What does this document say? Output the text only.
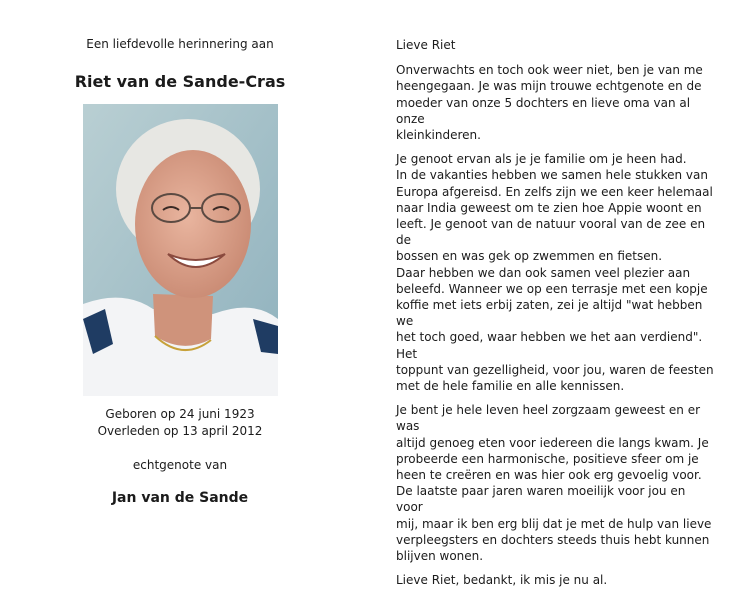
Een liefdevolle herinnering aan

Riet van de Sande-Cras

Geboren op 24 juni 1923
Overleden op 13 april 2012
echtgenote van
Jan van de Sande

Lieve Riet

Onverwachts en toch ook weer niet, ben je van me
heengegaan. Je was mijn trouwe echtgenote en de
moeder van onze 5 dochters en lieve oma van al onze
kleinkinderen.

Je genoot ervan als je je familie om je heen had.
In de vakanties hebben we samen hele stukken van
Europa afgereisd. En zelfs zijn we een keer helemaal
naar India geweest om te zien hoe Appie woont en
leeft. Je genoot van de natuur vooral van de zee en de
bossen en was gek op zwemmen en fietsen.
Daar hebben we dan ook samen veel plezier aan
beleefd. Wanneer we op een terrasje met een kopje
koffie met iets erbij zaten, zei je altijd "wat hebben we
het toch goed, waar hebben we het aan verdiend". Het
toppunt van gezelligheid, voor jou, waren de feesten
met de hele familie en alle kennissen.

Je bent je hele leven heel zorgzaam geweest en er was
altijd genoeg eten voor iedereen die langs kwam. Je
probeerde een harmonische, positieve sfeer om je
heen te creëren en was hier ook erg gevoelig voor.
De laatste paar jaren waren moeilijk voor jou en voor
mij, maar ik ben erg blij dat je met de hulp van lieve
verpleegsters en dochters steeds thuis hebt kunnen
blijven wonen.

Lieve Riet, bedankt, ik mis je nu al.
